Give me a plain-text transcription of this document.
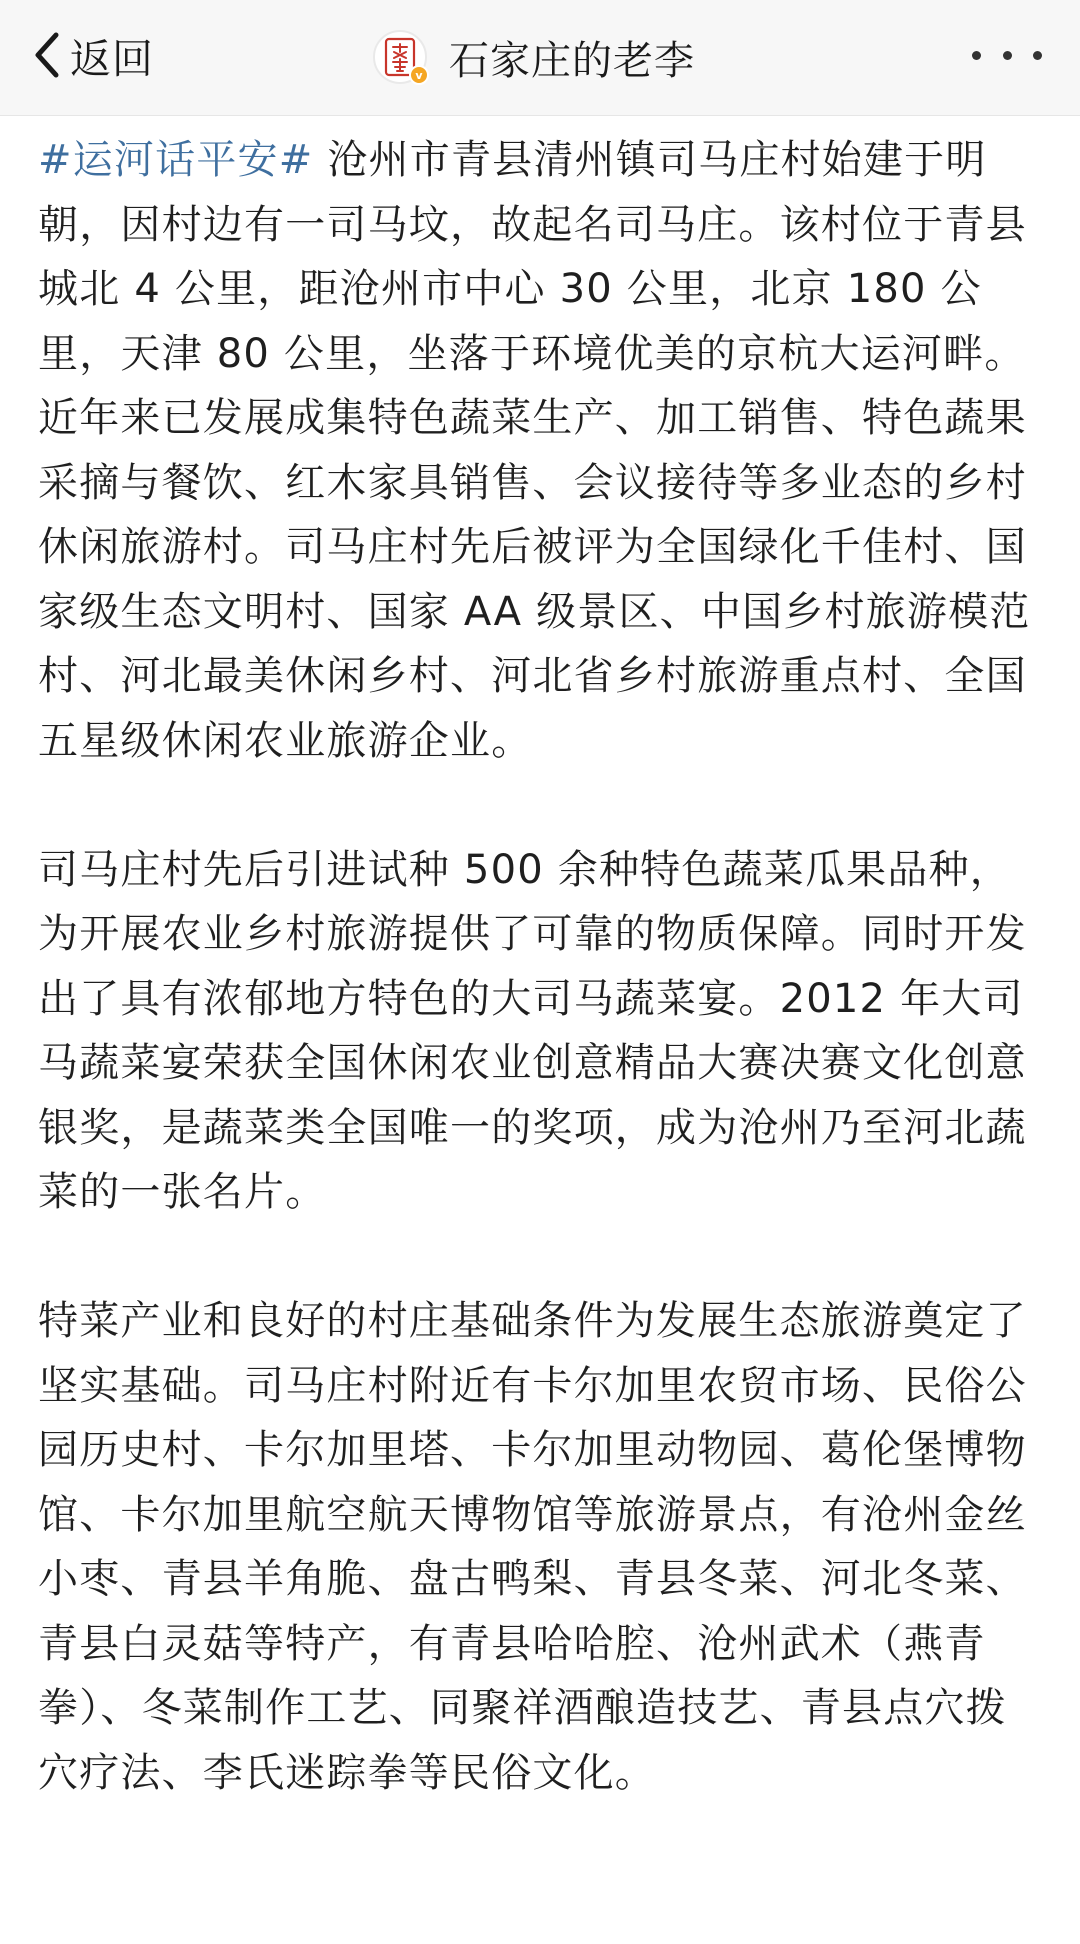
返回	v 石家庄的老李

#运河话平安# 沧州市青县清州镇司马庄村始建于明朝，因村边有一司马坟，故起名司马庄。该村位于青县城北 4 公里，距沧州市中心 30 公里，北京 180 公里，天津 80 公里，坐落于环境优美的京杭大运河畔。近年来已发展成集特色蔬菜生产、加工销售、特色蔬果采摘与餐饮、红木家具销售、会议接待等多业态的乡村休闲旅游村。司马庄村先后被评为全国绿化千佳村、国家级生态文明村、国家 AA 级景区、中国乡村旅游模范村、河北最美休闲乡村、河北省乡村旅游重点村、全国五星级休闲农业旅游企业。

司马庄村先后引进试种 500 余种特色蔬菜瓜果品种，为开展农业乡村旅游提供了可靠的物质保障。同时开发出了具有浓郁地方特色的大司马蔬菜宴。2012 年大司马蔬菜宴荣获全国休闲农业创意精品大赛决赛文化创意银奖，是蔬菜类全国唯一的奖项，成为沧州乃至河北蔬菜的一张名片。

特菜产业和良好的村庄基础条件为发展生态旅游奠定了坚实基础。司马庄村附近有卡尔加里农贸市场、民俗公园历史村、卡尔加里塔、卡尔加里动物园、葛伦堡博物馆、卡尔加里航空航天博物馆等旅游景点，有沧州金丝小枣、青县羊角脆、盘古鸭梨、青县冬菜、河北冬菜、青县白灵菇等特产，有青县哈哈腔、沧州武术（燕青拳）、冬菜制作工艺、同聚祥酒酿造技艺、青县点穴拨穴疗法、李氏迷踪拳等民俗文化。
